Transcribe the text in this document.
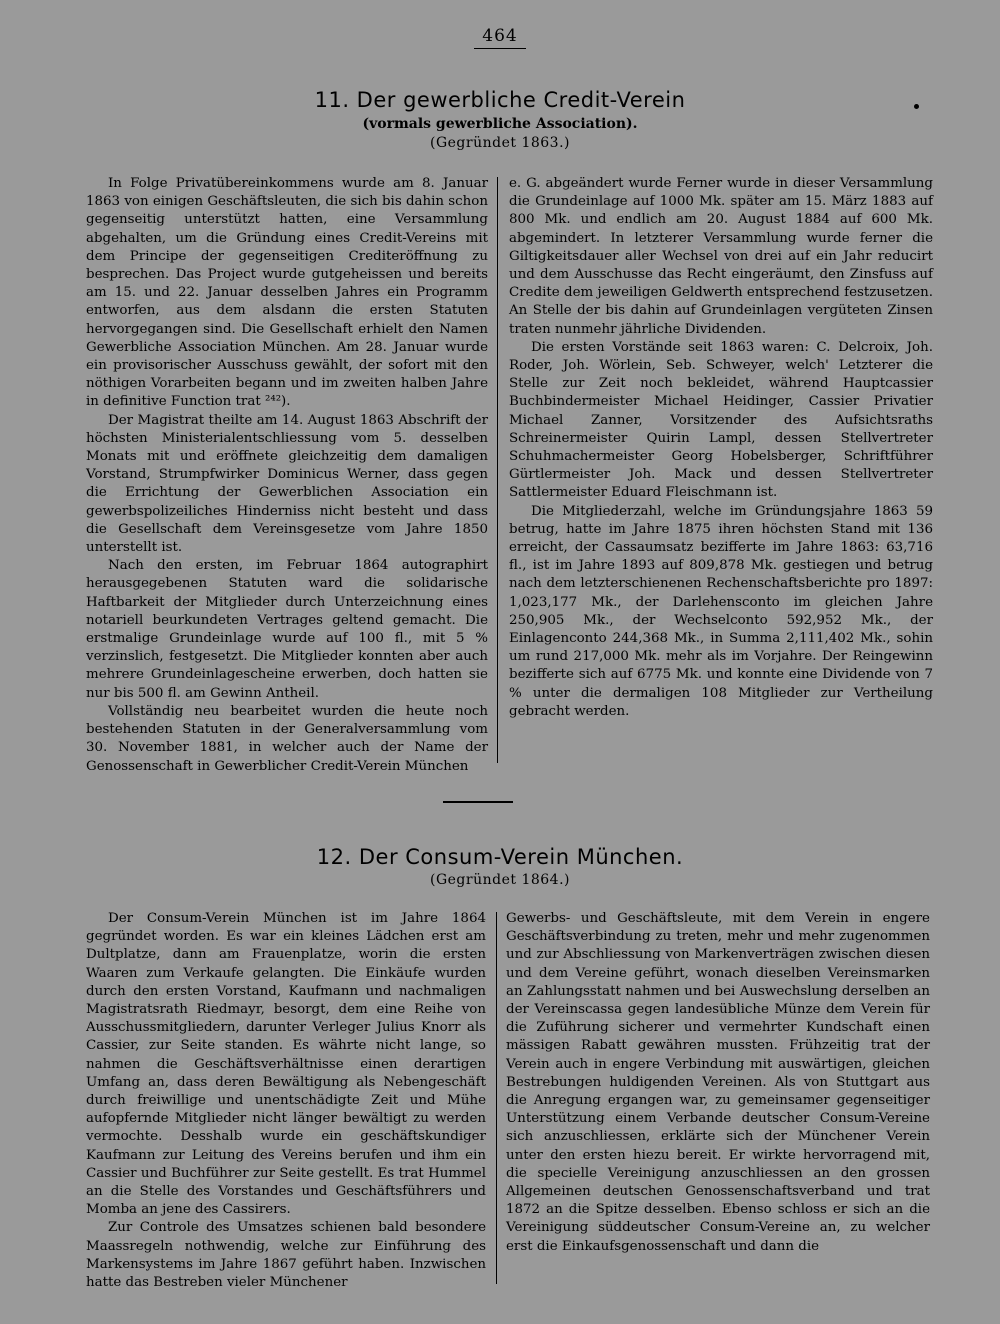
464
11. Der gewerbliche Credit-Verein
(vormals gewerbliche Association).
(Gegründet 1863.)

In Folge Privatübereinkommens wurde am 8. Januar 1863 von einigen Geschäftsleuten, die sich bis dahin schon gegenseitig unterstützt hatten, eine Versammlung abgehalten, um die Gründung eines Credit-Vereins mit dem Principe der gegenseitigen Crediteröffnung zu besprechen. Das Project wurde gutgeheissen und bereits am 15. und 22. Januar desselben Jahres ein Programm entworfen, aus dem alsdann die ersten Statuten hervorgegangen sind. Die Gesellschaft erhielt den Namen Gewerbliche Association München. Am 28. Januar wurde ein provisorischer Ausschuss gewählt, der sofort mit den nöthigen Vorarbeiten begann und im zweiten halben Jahre in definitive Function trat ²⁴²).

Der Magistrat theilte am 14. August 1863 Abschrift der höchsten Ministerialentschliessung vom 5. desselben Monats mit und eröffnete gleichzeitig dem damaligen Vorstand, Strumpfwirker Dominicus Werner, dass gegen die Errichtung der Gewerblichen Association ein gewerbspolizeiliches Hinderniss nicht besteht und dass die Gesellschaft dem Vereinsgesetze vom Jahre 1850 unterstellt ist.

Nach den ersten, im Februar 1864 autographirt herausgegebenen Statuten ward die solidarische Haftbarkeit der Mitglieder durch Unterzeichnung eines notariell beurkundeten Vertrages geltend gemacht. Die erstmalige Grundeinlage wurde auf 100 fl., mit 5 % verzinslich, festgesetzt. Die Mitglieder konnten aber auch mehrere Grundeinlagescheine erwerben, doch hatten sie nur bis 500 fl. am Gewinn Antheil.

Vollständig neu bearbeitet wurden die heute noch bestehenden Statuten in der Generalversammlung vom 30. November 1881, in welcher auch der Name der Genossenschaft in Gewerblicher Credit-Verein München

e. G. abgeändert wurde Ferner wurde in dieser Versammlung die Grundeinlage auf 1000 Mk. später am 15. März 1883 auf 800 Mk. und endlich am 20. August 1884 auf 600 Mk. abgemindert. In letzterer Versammlung wurde ferner die Giltigkeitsdauer aller Wechsel von drei auf ein Jahr reducirt und dem Ausschusse das Recht eingeräumt, den Zinsfuss auf Credite dem jeweiligen Geldwerth entsprechend festzusetzen. An Stelle der bis dahin auf Grundeinlagen vergüteten Zinsen traten nunmehr jährliche Dividenden.

Die ersten Vorstände seit 1863 waren: C. Delcroix, Joh. Roder, Joh. Wörlein, Seb. Schweyer, welch' Letzterer die Stelle zur Zeit noch bekleidet, während Hauptcassier Buchbindermeister Michael Heidinger, Cassier Privatier Michael Zanner, Vorsitzender des Aufsichtsraths Schreinermeister Quirin Lampl, dessen Stellvertreter Schuhmachermeister Georg Hobelsberger, Schriftführer Gürtlermeister Joh. Mack und dessen Stellvertreter Sattlermeister Eduard Fleischmann ist.

Die Mitgliederzahl, welche im Gründungsjahre 1863 59 betrug, hatte im Jahre 1875 ihren höchsten Stand mit 136 erreicht, der Cassaumsatz bezifferte im Jahre 1863: 63,716 fl., ist im Jahre 1893 auf 809,878 Mk. gestiegen und betrug nach dem letzterschienenen Rechenschaftsberichte pro 1897: 1,023,177 Mk., der Darlehensconto im gleichen Jahre 250,905 Mk., der Wechselconto 592,952 Mk., der Einlagenconto 244,368 Mk., in Summa 2,111,402 Mk., sohin um rund 217,000 Mk. mehr als im Vorjahre. Der Reingewinn bezifferte sich auf 6775 Mk. und konnte eine Dividende von 7 % unter die dermaligen 108 Mitglieder zur Vertheilung gebracht werden.

12. Der Consum-Verein München.
(Gegründet 1864.)

Der Consum-Verein München ist im Jahre 1864 gegründet worden. Es war ein kleines Lädchen erst am Dultplatze, dann am Frauenplatze, worin die ersten Waaren zum Verkaufe gelangten. Die Einkäufe wurden durch den ersten Vorstand, Kaufmann und nachmaligen Magistratsrath Riedmayr, besorgt, dem eine Reihe von Ausschussmitgliedern, darunter Verleger Julius Knorr als Cassier, zur Seite standen. Es währte nicht lange, so nahmen die Geschäftsverhältnisse einen derartigen Umfang an, dass deren Bewältigung als Nebengeschäft durch freiwillige und unentschädigte Zeit und Mühe aufopfernde Mitglieder nicht länger bewältigt zu werden vermochte. Desshalb wurde ein geschäftskundiger Kaufmann zur Leitung des Vereins berufen und ihm ein Cassier und Buchführer zur Seite gestellt. Es trat Hummel an die Stelle des Vorstandes und Geschäftsführers und Momba an jene des Cassirers.

Zur Controle des Umsatzes schienen bald besondere Maassregeln nothwendig, welche zur Einführung des Markensystems im Jahre 1867 geführt haben. Inzwischen hatte das Bestreben vieler Münchener

Gewerbs- und Geschäftsleute, mit dem Verein in engere Geschäftsverbindung zu treten, mehr und mehr zugenommen und zur Abschliessung von Markenverträgen zwischen diesen und dem Vereine geführt, wonach dieselben Vereinsmarken an Zahlungsstatt nahmen und bei Auswechslung derselben an der Vereinscassa gegen landesübliche Münze dem Verein für die Zuführung sicherer und vermehrter Kundschaft einen mässigen Rabatt gewähren mussten. Frühzeitig trat der Verein auch in engere Verbindung mit auswärtigen, gleichen Bestrebungen huldigenden Vereinen. Als von Stuttgart aus die Anregung ergangen war, zu gemeinsamer gegenseitiger Unterstützung einem Verbande deutscher Consum-Vereine sich anzuschliessen, erklärte sich der Münchener Verein unter den ersten hiezu bereit. Er wirkte hervorragend mit, die specielle Vereinigung anzuschliessen an den grossen Allgemeinen deutschen Genossenschaftsverband und trat 1872 an die Spitze desselben. Ebenso schloss er sich an die Vereinigung süddeutscher Consum-Vereine an, zu welcher erst die Einkaufsgenossenschaft und dann die
